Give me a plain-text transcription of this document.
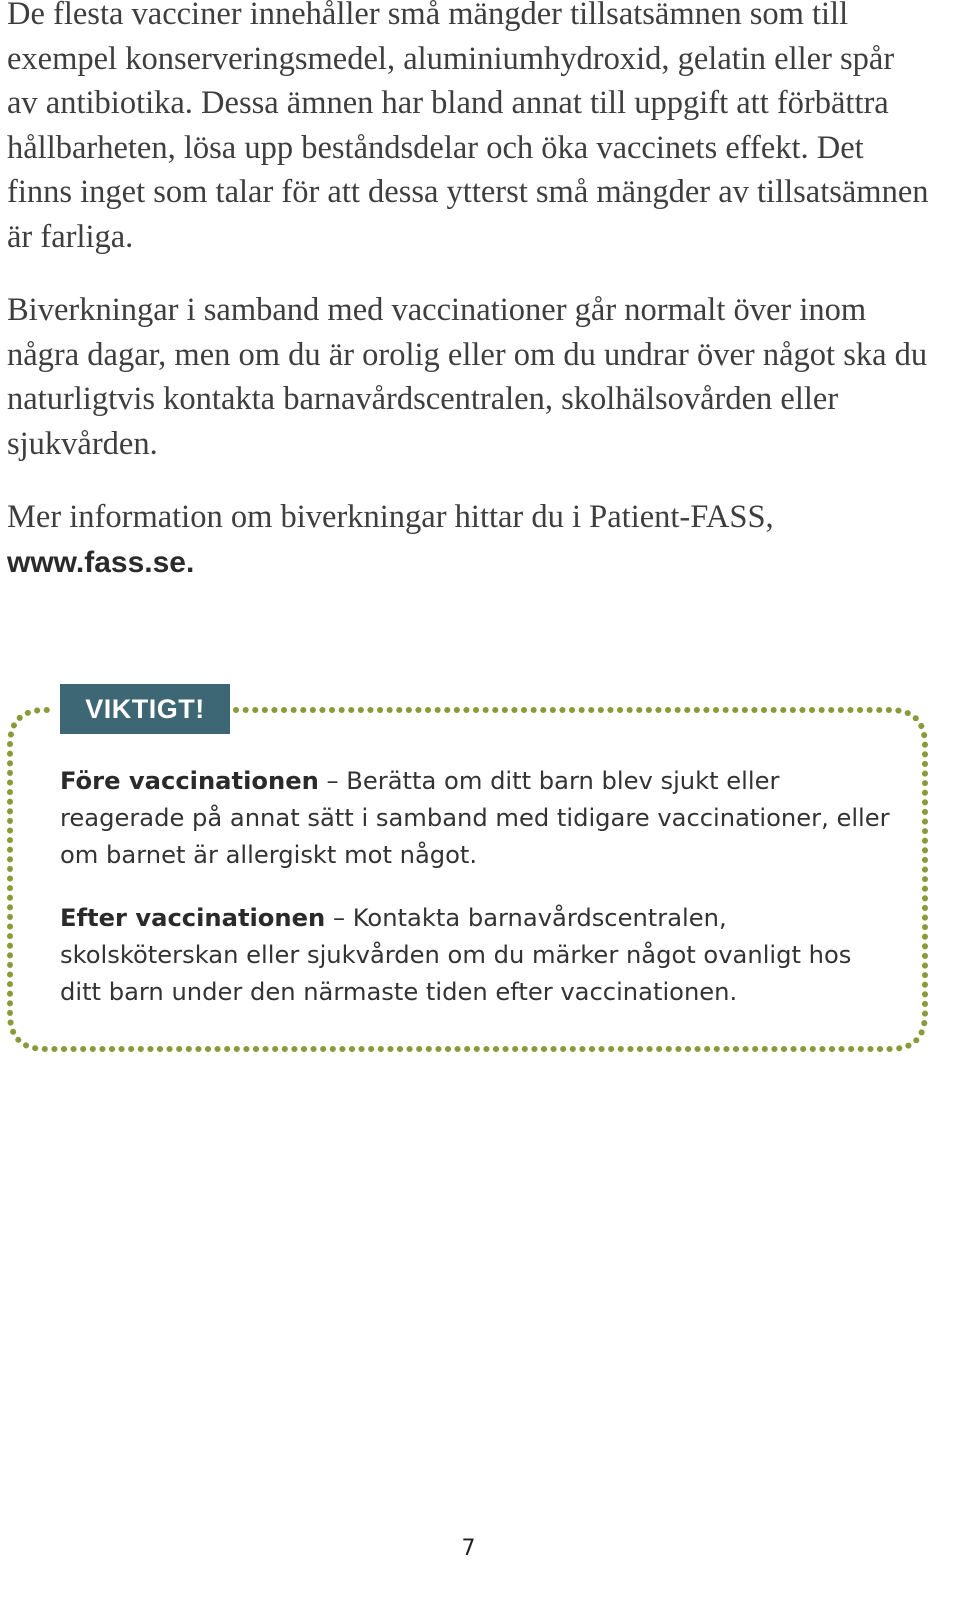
De flesta vacciner innehåller små mängder tillsatsämnen som till exempel konserveringsmedel, aluminiumhydroxid, gelatin eller spår av antibiotika. Dessa ämnen har bland annat till uppgift att förbättra hållbarheten, lösa upp beståndsdelar och öka vaccinets effekt. Det finns inget som talar för att dessa ytterst små mängder av tillsatsämnen är farliga.

Biverkningar i samband med vaccinationer går normalt över inom några dagar, men om du är orolig eller om du undrar över något ska du naturligtvis kontakta barnavårdscentralen, skolhälsovården eller sjukvården.

Mer information om biverkningar hittar du i Patient-FASS,
www.fass.se.

VIKTIGT!

Före vaccinationen – Berätta om ditt barn blev sjukt eller reagerade på annat sätt i samband med tidigare vaccinationer, eller om barnet är allergiskt mot något.

Efter vaccinationen – Kontakta barnavårdscentralen, skolsköterskan eller sjukvården om du märker något ovanligt hos ditt barn under den närmaste tiden efter vaccinationen.

7
